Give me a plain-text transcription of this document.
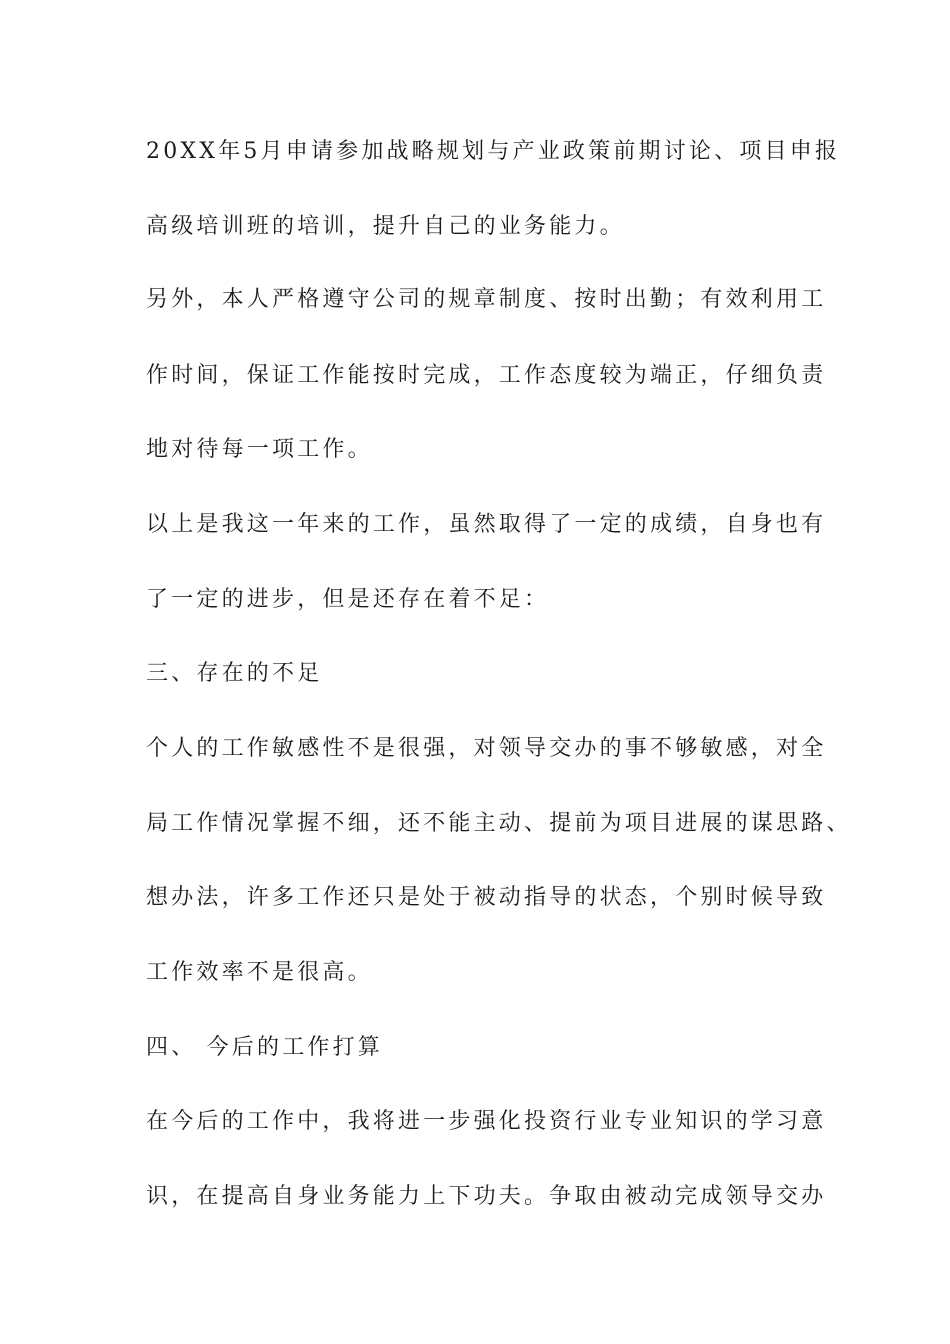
20XX年5月申请参加战略规划与产业政策前期讨论、项目申报

高级培训班的培训，提升自己的业务能力。

另外，本人严格遵守公司的规章制度、按时出勤；有效利用工

作时间，保证工作能按时完成，工作态度较为端正，仔细负责

地对待每一项工作。

以上是我这一年来的工作，虽然取得了一定的成绩，自身也有

了一定的进步，但是还存在着不足：

三、存在的不足

个人的工作敏感性不是很强，对领导交办的事不够敏感，对全

局工作情况掌握不细，还不能主动、提前为项目进展的谋思路、

想办法，许多工作还只是处于被动指导的状态，个别时候导致

工作效率不是很高。

四、 今后的工作打算

在今后的工作中，我将进一步强化投资行业专业知识的学习意

识，在提高自身业务能力上下功夫。争取由被动完成领导交办
